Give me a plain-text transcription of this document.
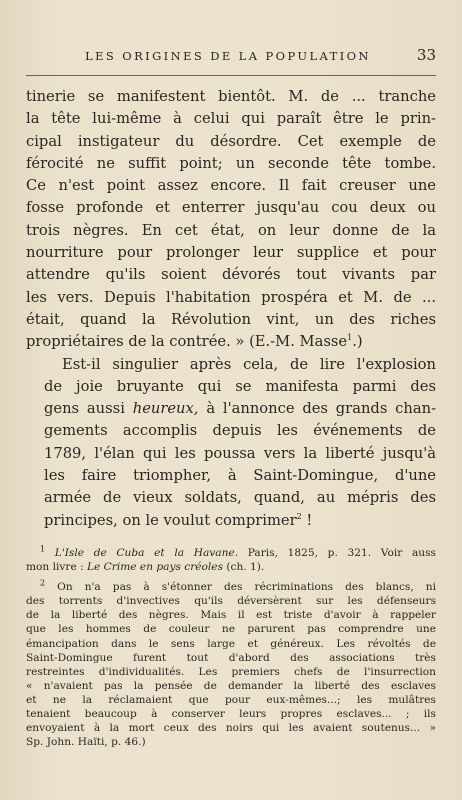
LES ORIGINES DE LA POPULATION	33

tinerie se manifestent bientôt. M. de ... tranche
la tête lui-même à celui qui paraît être le prin-
cipal instigateur du désordre. Cet exemple de
férocité ne suffit point; un seconde tête tombe.
Ce n'est point assez encore. Il fait creuser une
fosse profonde et enterrer jusqu'au cou deux ou
trois nègres. En cet état, on leur donne de la
nourriture pour prolonger leur supplice et pour
attendre qu'ils soient dévorés tout vivants par
les vers. Depuis l'habitation prospéra et M. de ...
était, quand la Révolution vint, un des riches
propriétaires de la contrée. » (E.-M. Masse$^1$.)

Est-il singulier après cela, de lire l'explosion
de joie bruyante qui se manifesta parmi des
gens aussi heureux, à l'annonce des grands chan-
gements accomplis depuis les événements de
1789, l'élan qui les poussa vers la liberté jusqu'à
les faire triompher, à Saint-Domingue, d'une
armée de vieux soldats, quand, au mépris des
principes, on le voulut comprimer$^2$ !

$^1$ L'Isle de Cuba et la Havane. Paris, 1825, p. 321. Voir auss
mon livre : Le Crime en pays créoles (ch. 1).

$^2$ On n'a pas à s'étonner des récriminations des blancs, ni
des torrents d'invectives qu'ils déversèrent sur les défenseurs
de la liberté des nègres. Mais il est triste d'avoir à rappeler
que les hommes de couleur ne parurent pas comprendre une
émancipation dans le sens large et généreux. Les révoltés de
Saint-Domingue furent tout d'abord des associations très
restreintes d'individualités. Les premiers chefs de l'insurrection
« n'avaient pas la pensée de demander la liberté des esclaves
et ne la réclamaient que pour eux-mêmes...; les mulâtres
tenaient beaucoup à conserver leurs propres esclaves... ; ils
envoyaient à la mort ceux des noirs qui les avaient soutenus... »
Sp. John. Haïti, p. 46.)
